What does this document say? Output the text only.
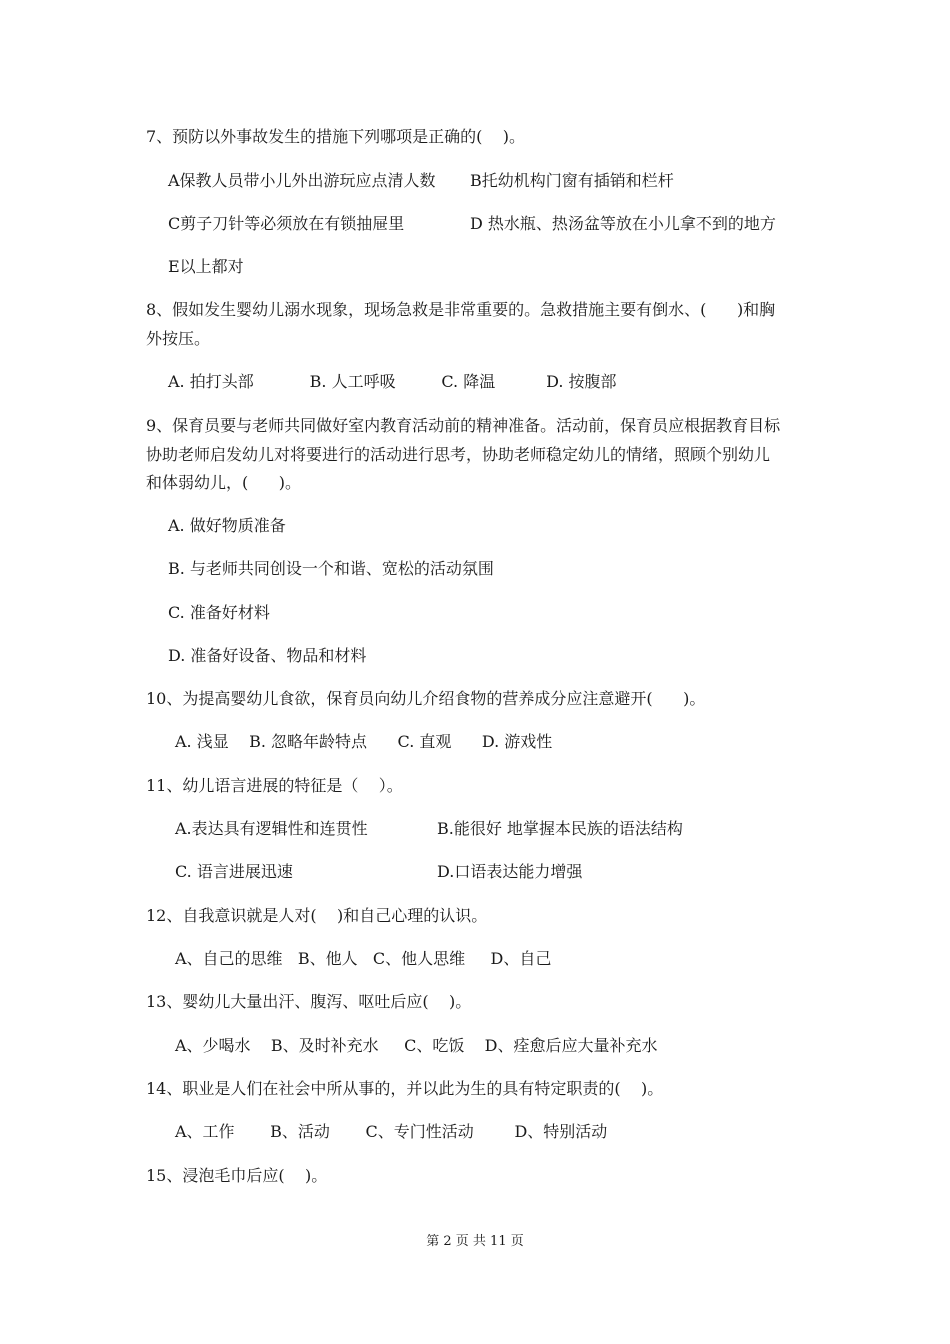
7、预防以外事故发生的措施下列哪项是正确的(    )。
A保教人员带小儿外出游玩应点清人数 B托幼机构门窗有插销和栏杆
C剪子刀针等必须放在有锁抽屉里	D 热水瓶、热汤盆等放在小儿拿不到的地方
E以上都对
8、假如发生婴幼儿溺水现象，现场急救是非常重要的。急救措施主要有倒水、(      )和胸
外按压。
A. 拍打头部           B. 人工呼吸         C. 降温          D. 按腹部
9、保育员要与老师共同做好室内教育活动前的精神准备。活动前，保育员应根据教育目标
协助老师启发幼儿对将要进行的活动进行思考，协助老师稳定幼儿的情绪，照顾个别幼儿
和体弱幼儿，(      )。
A. 做好物质准备
B. 与老师共同创设一个和谐、宽松的活动氛围
C. 准备好材料
D. 准备好设备、物品和材料
10、为提高婴幼儿食欲，保育员向幼儿介绍食物的营养成分应注意避开(      )。
A. 浅显    B. 忽略年龄特点      C. 直观      D. 游戏性
11、幼儿语言进展的特征是（    ）。
A.表达具有逻辑性和连贯性	B.能很好 地掌握本民族的语法结构
C. 语言进展迅速	D.口语表达能力增强
12、自我意识就是人对(    )和自己心理的认识。
A、自己的思维   B、他人   C、他人思维     D、自己
13、婴幼儿大量出汗、腹泻、呕吐后应(    )。
A、少喝水    B、及时补充水     C、吃饭    D、痊愈后应大量补充水
14、职业是人们在社会中所从事的，并以此为生的具有特定职责的(    )。
A、工作       B、活动       C、专门性活动        D、特别活动
15、浸泡毛巾后应(    )。
第 2 页 共 11 页
